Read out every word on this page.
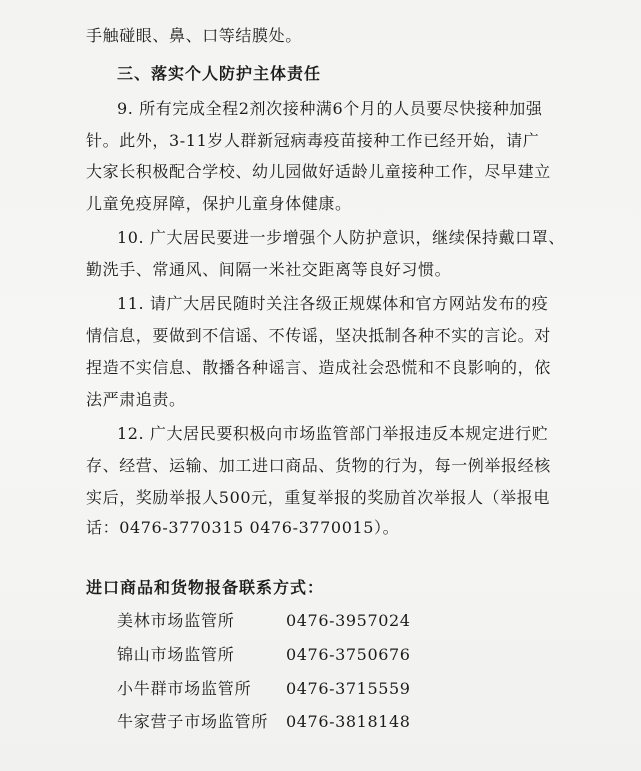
手触碰眼、鼻、口等结膜处。
三、落实个人防护主体责任
9. 所有完成全程2剂次接种满6个月的人员要尽快接种加强
针。此外，3-11岁人群新冠病毒疫苗接种工作已经开始，请广
大家长积极配合学校、幼儿园做好适龄儿童接种工作，尽早建立
儿童免疫屏障，保护儿童身体健康。
10. 广大居民要进一步增强个人防护意识，继续保持戴口罩、
勤洗手、常通风、间隔一米社交距离等良好习惯。
11. 请广大居民随时关注各级正规媒体和官方网站发布的疫
情信息，要做到不信谣、不传谣，坚决抵制各种不实的言论。对
捏造不实信息、散播各种谣言、造成社会恐慌和不良影响的，依
法严肃追责。
12. 广大居民要积极向市场监管部门举报违反本规定进行贮
存、经营、运输、加工进口商品、货物的行为，每一例举报经核
实后，奖励举报人500元，重复举报的奖励首次举报人（举报电
话：0476-3770315 0476-3770015）。
进口商品和货物报备联系方式：
美林市场监管所	0476-3957024
锦山市场监管所	0476-3750676
小牛群市场监管所 0476-3715559
牛家营子市场监管所 0476-3818148
